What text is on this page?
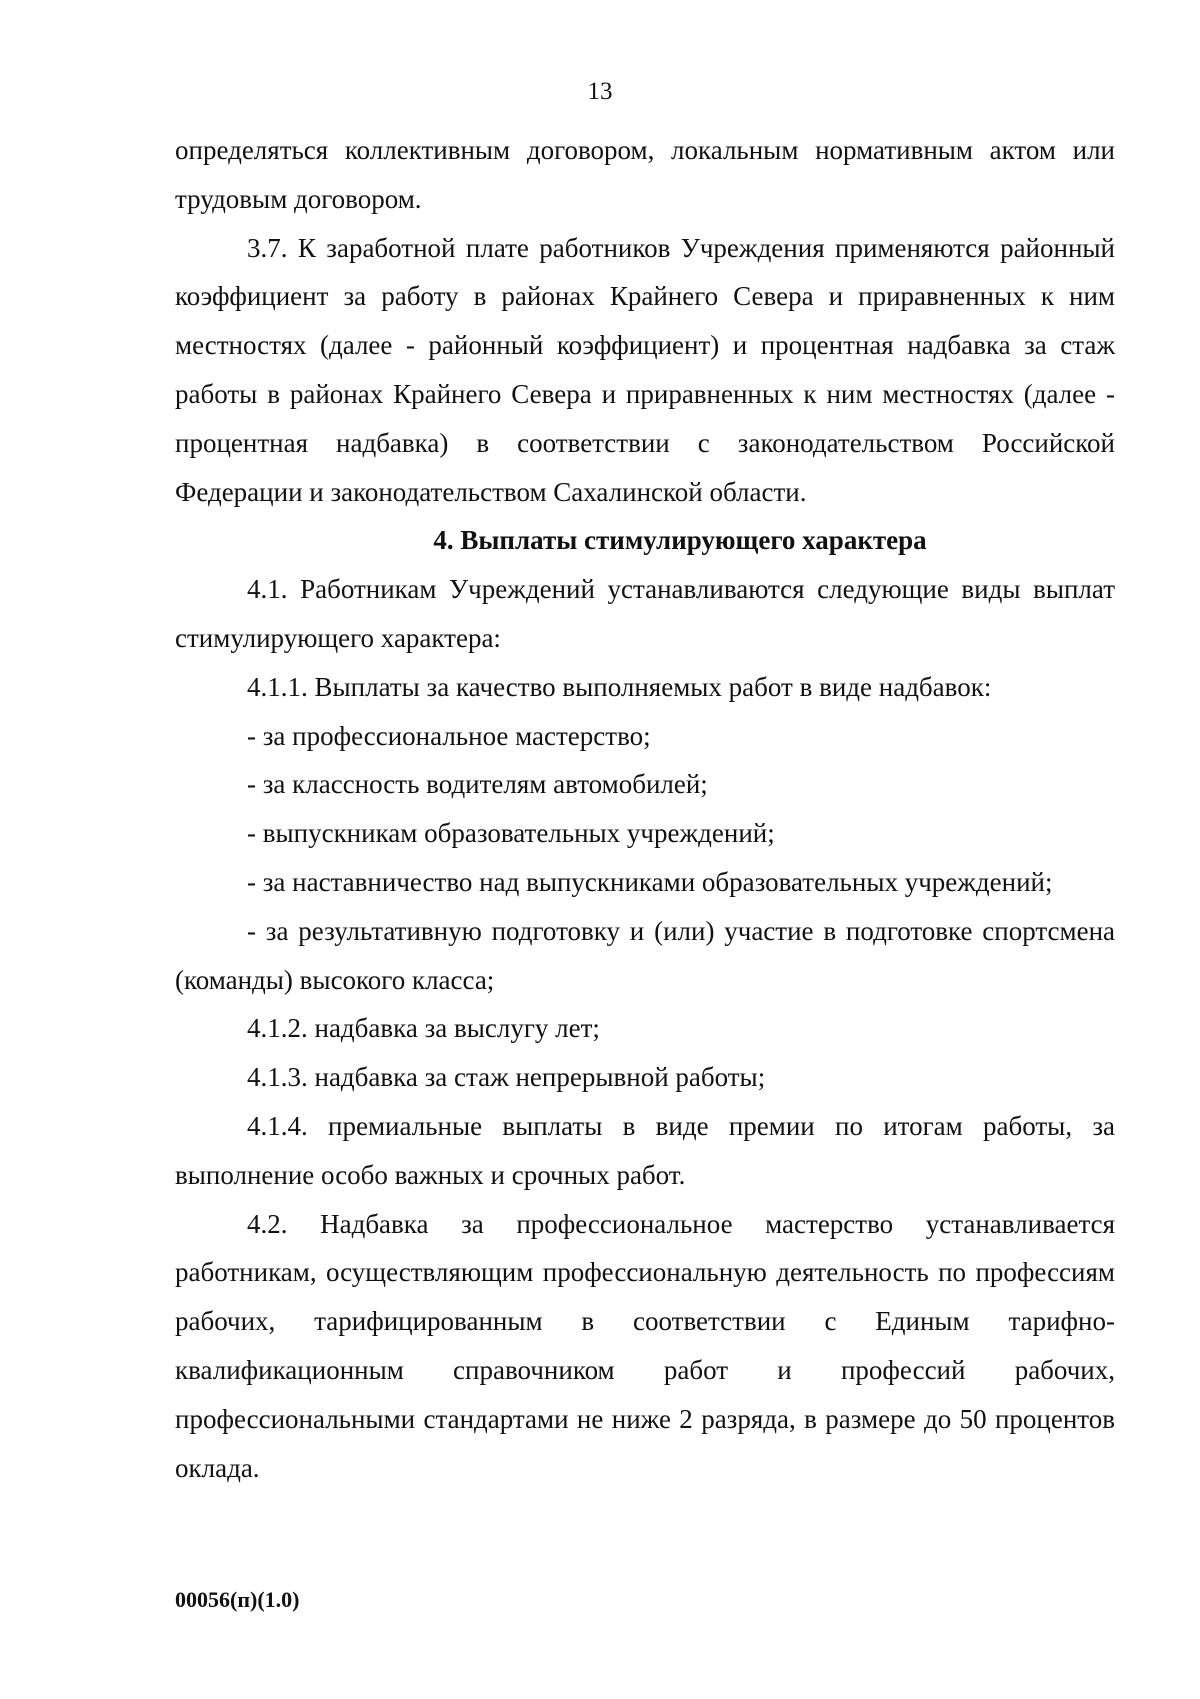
13

определяться коллективным договором, локальным нормативным актом или трудовым договором.

3.7. К заработной плате работников Учреждения применяются районный коэффициент за работу в районах Крайнего Севера и приравненных к ним местностях (далее - районный коэффициент) и процентная надбавка за стаж работы в районах Крайнего Севера и приравненных к ним местностях (далее - процентная надбавка) в соответствии с законодательством Российской Федерации и законодательством Сахалинской области.

4. Выплаты стимулирующего характера

4.1. Работникам Учреждений устанавливаются следующие виды выплат стимулирующего характера:

4.1.1. Выплаты за качество выполняемых работ в виде надбавок:

- за профессиональное мастерство;

- за классность водителям автомобилей;

- выпускникам образовательных учреждений;

- за наставничество над выпускниками образовательных учреждений;

- за результативную подготовку и (или) участие в подготовке спортсмена (команды) высокого класса;

4.1.2. надбавка за выслугу лет;

4.1.3. надбавка за стаж непрерывной работы;

4.1.4. премиальные выплаты в виде премии по итогам работы, за выполнение особо важных и срочных работ.

4.2. Надбавка за профессиональное мастерство устанавливается работникам, осуществляющим профессиональную деятельность по профессиям рабочих, тарифицированным в соответствии с Единым тарифно-квалификационным справочником работ и профессий рабочих, профессиональными стандартами не ниже 2 разряда, в размере до 50 процентов оклада.

00056(п)(1.0)
